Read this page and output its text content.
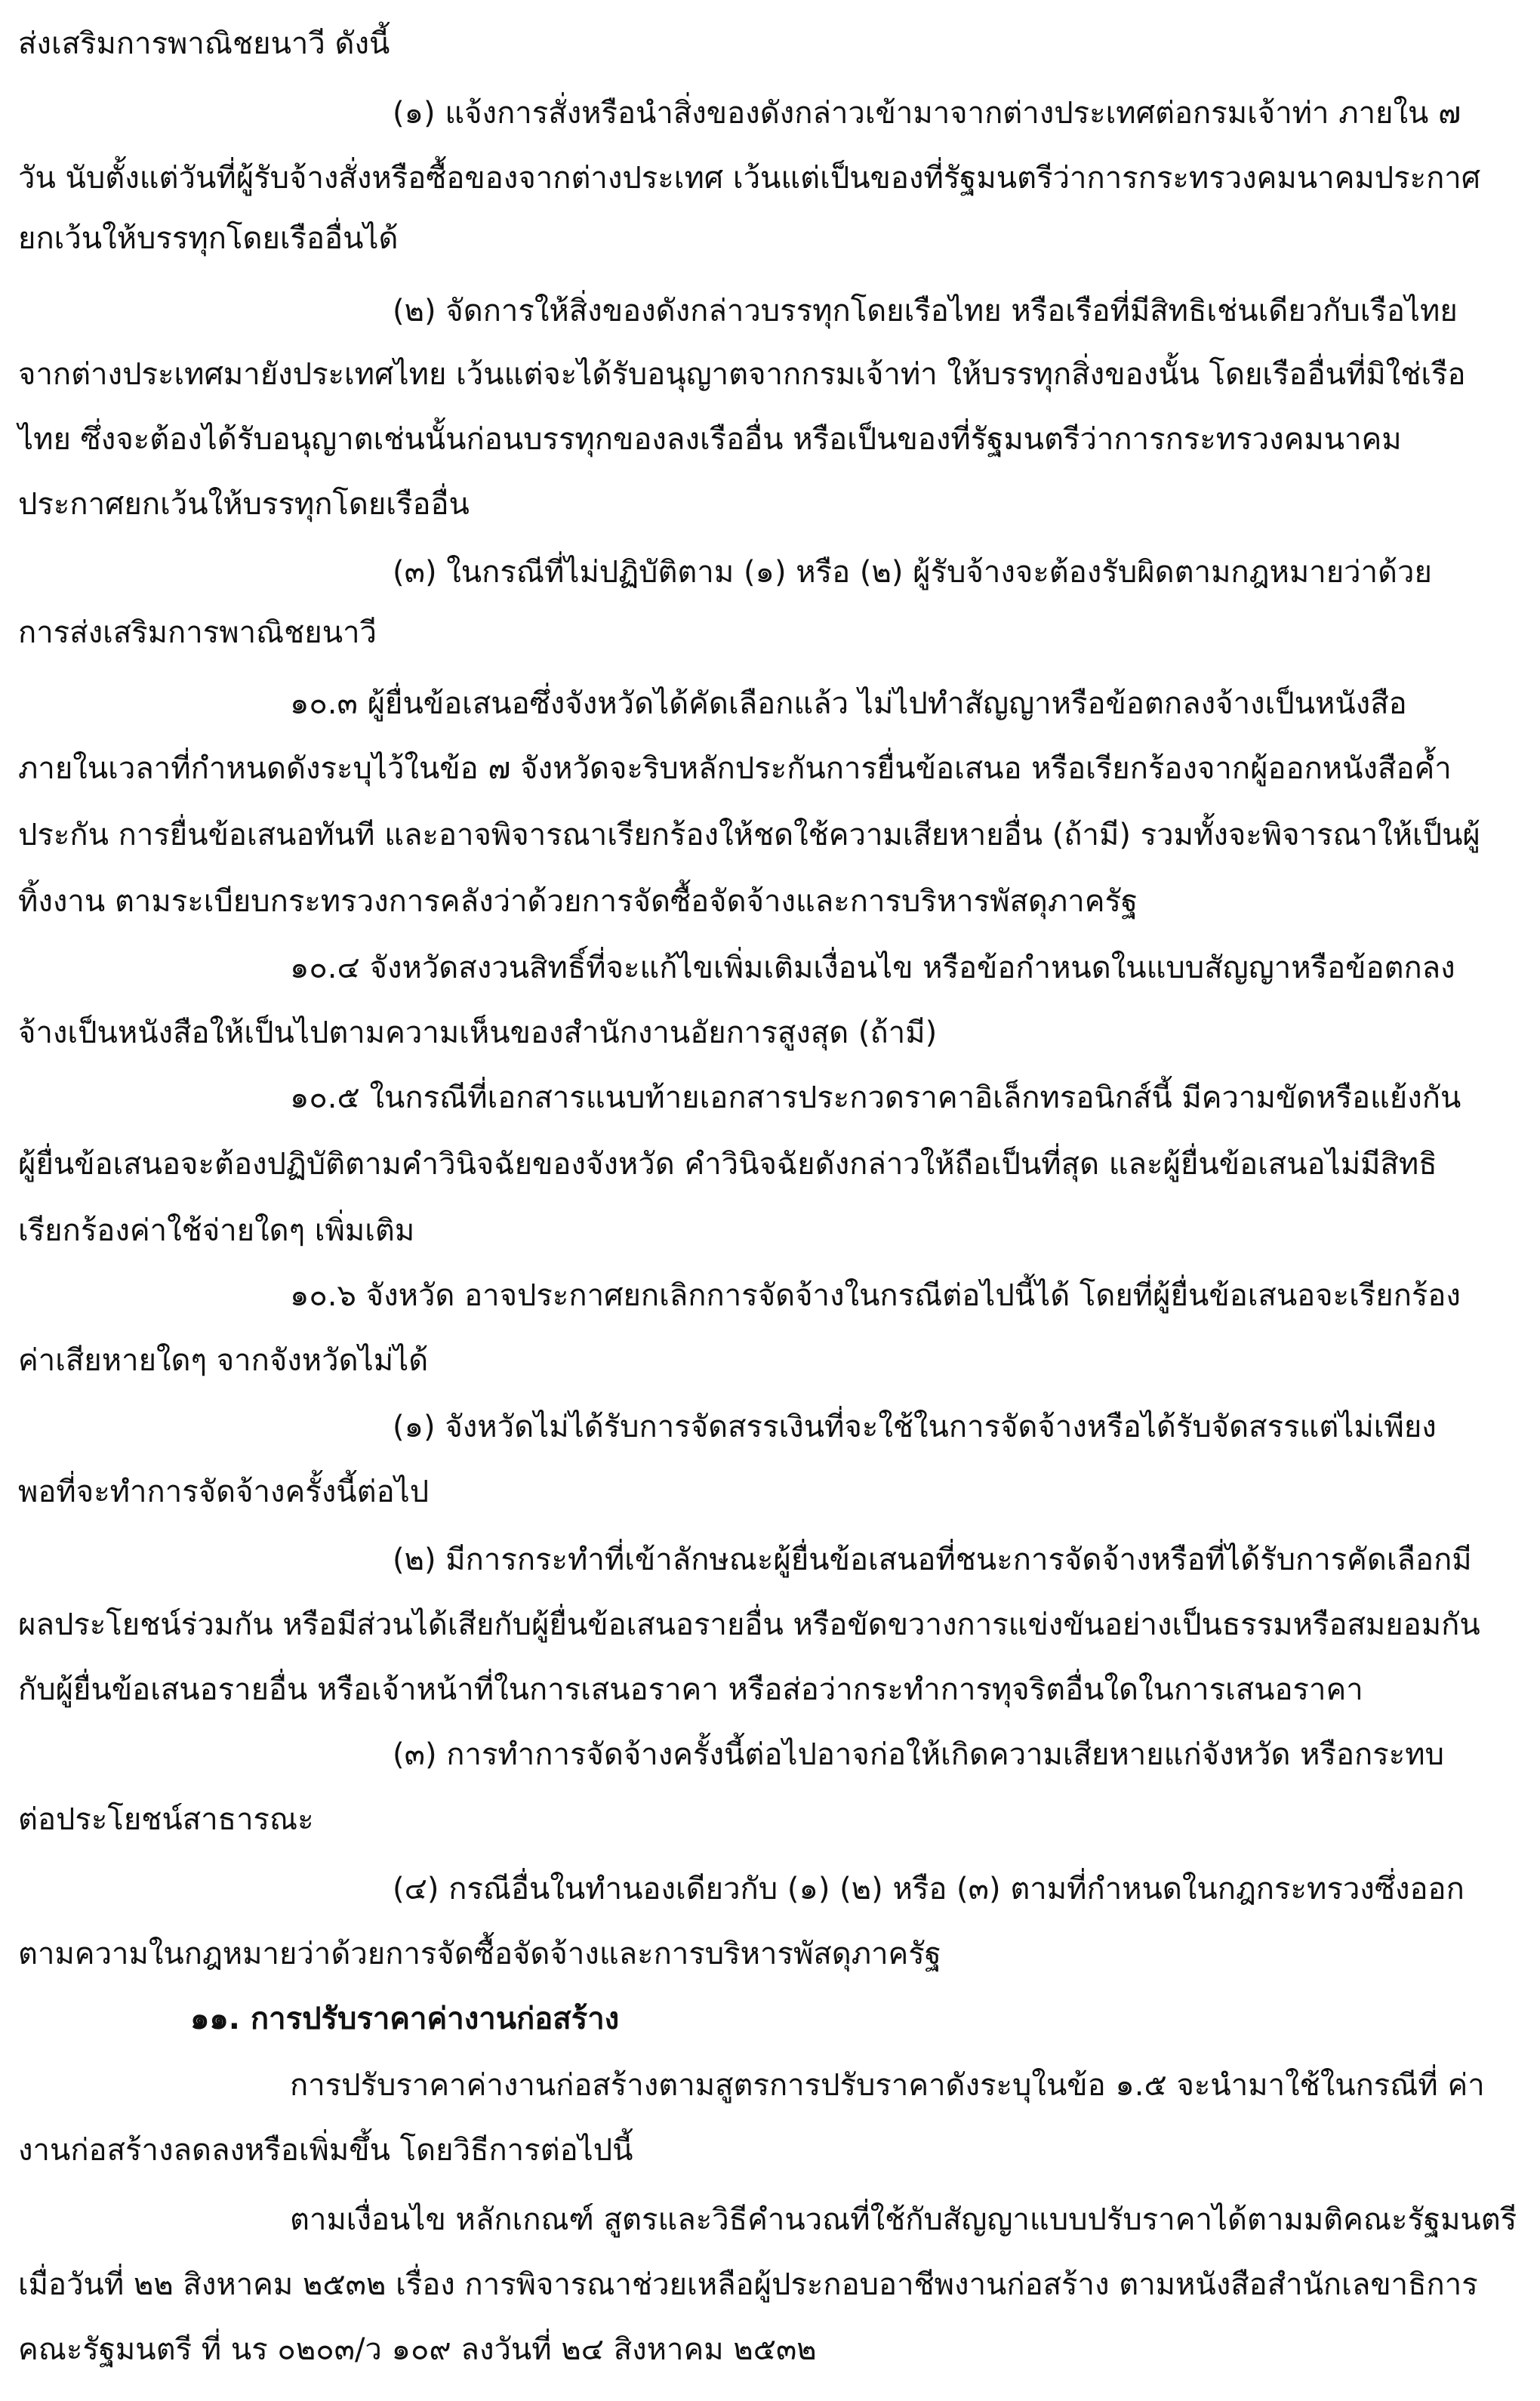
ส่งเสริมการพาณิชยนาวี ดังนี้
(๑) แจ้งการสั่งหรือนำสิ่งของดังกล่าวเข้ามาจากต่างประเทศต่อกรมเจ้าท่า ภายใน ๗
วัน นับตั้งแต่วันที่ผู้รับจ้างสั่งหรือซื้อของจากต่างประเทศ เว้นแต่เป็นของที่รัฐมนตรีว่าการกระทรวงคมนาคมประกาศ
ยกเว้นให้บรรทุกโดยเรืออื่นได้
(๒) จัดการให้สิ่งของดังกล่าวบรรทุกโดยเรือไทย หรือเรือที่มีสิทธิเช่นเดียวกับเรือไทย
จากต่างประเทศมายังประเทศไทย เว้นแต่จะได้รับอนุญาตจากกรมเจ้าท่า ให้บรรทุกสิ่งของนั้น โดยเรืออื่นที่มิใช่เรือ
ไทย ซึ่งจะต้องได้รับอนุญาตเช่นนั้นก่อนบรรทุกของลงเรืออื่น หรือเป็นของที่รัฐมนตรีว่าการกระทรวงคมนาคม
ประกาศยกเว้นให้บรรทุกโดยเรืออื่น
(๓) ในกรณีที่ไม่ปฏิบัติตาม (๑) หรือ (๒) ผู้รับจ้างจะต้องรับผิดตามกฎหมายว่าด้วย
การส่งเสริมการพาณิชยนาวี
๑๐.๓ ผู้ยื่นข้อเสนอซึ่งจังหวัดได้คัดเลือกแล้ว ไม่ไปทำสัญญาหรือข้อตกลงจ้างเป็นหนังสือ
ภายในเวลาที่กำหนดดังระบุไว้ในข้อ ๗ จังหวัดจะริบหลักประกันการยื่นข้อเสนอ หรือเรียกร้องจากผู้ออกหนังสือค้ำ
ประกัน การยื่นข้อเสนอทันที และอาจพิจารณาเรียกร้องให้ชดใช้ความเสียหายอื่น (ถ้ามี) รวมทั้งจะพิจารณาให้เป็นผู้
ทิ้งงาน ตามระเบียบกระทรวงการคลังว่าด้วยการจัดซื้อจัดจ้างและการบริหารพัสดุภาครัฐ
๑๐.๔ จังหวัดสงวนสิทธิ์ที่จะแก้ไขเพิ่มเติมเงื่อนไข หรือข้อกำหนดในแบบสัญญาหรือข้อตกลง
จ้างเป็นหนังสือให้เป็นไปตามความเห็นของสำนักงานอัยการสูงสุด (ถ้ามี)
๑๐.๕ ในกรณีที่เอกสารแนบท้ายเอกสารประกวดราคาอิเล็กทรอนิกส์นี้ มีความขัดหรือแย้งกัน
ผู้ยื่นข้อเสนอจะต้องปฏิบัติตามคำวินิจฉัยของจังหวัด คำวินิจฉัยดังกล่าวให้ถือเป็นที่สุด และผู้ยื่นข้อเสนอไม่มีสิทธิ
เรียกร้องค่าใช้จ่ายใดๆ เพิ่มเติม
๑๐.๖ จังหวัด อาจประกาศยกเลิกการจัดจ้างในกรณีต่อไปนี้ได้ โดยที่ผู้ยื่นข้อเสนอจะเรียกร้อง
ค่าเสียหายใดๆ จากจังหวัดไม่ได้
(๑) จังหวัดไม่ได้รับการจัดสรรเงินที่จะใช้ในการจัดจ้างหรือได้รับจัดสรรแต่ไม่เพียง
พอที่จะทำการจัดจ้างครั้งนี้ต่อไป
(๒) มีการกระทำที่เข้าลักษณะผู้ยื่นข้อเสนอที่ชนะการจัดจ้างหรือที่ได้รับการคัดเลือกมี
ผลประโยชน์ร่วมกัน หรือมีส่วนได้เสียกับผู้ยื่นข้อเสนอรายอื่น หรือขัดขวางการแข่งขันอย่างเป็นธรรมหรือสมยอมกัน
กับผู้ยื่นข้อเสนอรายอื่น หรือเจ้าหน้าที่ในการเสนอราคา หรือส่อว่ากระทำการทุจริตอื่นใดในการเสนอราคา
(๓) การทำการจัดจ้างครั้งนี้ต่อไปอาจก่อให้เกิดความเสียหายแก่จังหวัด หรือกระทบ
ต่อประโยชน์สาธารณะ
(๔) กรณีอื่นในทำนองเดียวกับ (๑) (๒) หรือ (๓) ตามที่กำหนดในกฎกระทรวงซึ่งออก
ตามความในกฎหมายว่าด้วยการจัดซื้อจัดจ้างและการบริหารพัสดุภาครัฐ
๑๑. การปรับราคาค่างานก่อสร้าง
การปรับราคาค่างานก่อสร้างตามสูตรการปรับราคาดังระบุในข้อ ๑.๕ จะนำมาใช้ในกรณีที่ ค่า
งานก่อสร้างลดลงหรือเพิ่มขึ้น โดยวิธีการต่อไปนี้
ตามเงื่อนไข หลักเกณฑ์ สูตรและวิธีคำนวณที่ใช้กับสัญญาแบบปรับราคาได้ตามมติคณะรัฐมนตรี
เมื่อวันที่ ๒๒ สิงหาคม ๒๕๓๒ เรื่อง การพิจารณาช่วยเหลือผู้ประกอบอาชีพงานก่อสร้าง ตามหนังสือสำนักเลขาธิการ
คณะรัฐมนตรี ที่ นร ๐๒๐๓/ว ๑๐๙ ลงวันที่ ๒๔ สิงหาคม ๒๕๓๒
